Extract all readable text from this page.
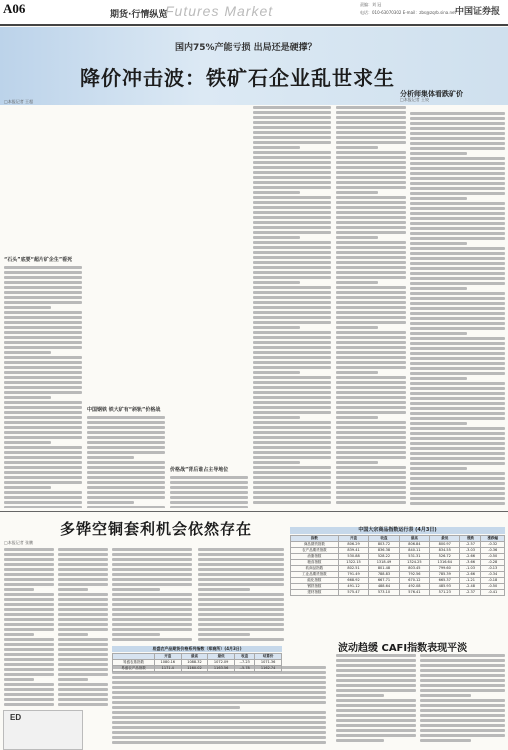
A06	期货·行情纵览
Futures Market	责编：刘 冠
电话：010-63070302 E-mail：zbs@zqrb.sina.net
中国证券报
国内75%产能亏损 出局还是硬撑？
降价冲击波：铁矿石企业乱世求生
□本报记者 王超
分析师集体看跌矿价
□本报记者 王姣
“石头”底要“超片矿企生”看死
中国钢铁 铁大矿有“斜轨”价格战
价格战”背后谁占主导地位
多铧空铜套利机会依然存在
□本报记者 张鹏
中国大宗商品指数运行表 (4月3日)
指数	开盘	收盘	最高	最低	涨跌	涨跌幅
商品期货指数	806.29	803.72	806.84	800.97	-2.57	-0.32
农产品期货指数	839.41	836.38	840.11	834.55	-3.03	-0.36
油脂指数	530.88	528.22	531.31	526.72	-2.66	-0.50
粮食指数	1322.15	1318.49	1324.25	1316.64	-3.66	-0.28
软商品指数	802.51	801.48	803.45	799.60	-1.03	-0.13
工业品期货指数	791.49	788.83	792.56	785.39	-2.66	-0.34
能化指数	668.92	667.71	670.12	665.37	-1.21	-0.18
钢铁指数	491.12	488.64	492.08	485.93	-2.48	-0.50
建材指数	575.47	573.10	576.41	571.23	-2.37	-0.41
波动趋缓 CAFI指数表现平淡
易盛农产品期货价格系列指数（郑商所）(4月3日)
	开盘	最高	最低	收盘	结算价
易盛农基指数	1080.16	1088.32	1072.09	--7.23	1071.36
易盛农产品指数	1171.4	1160.02	1163.56	--5.78	1162.74
ED
